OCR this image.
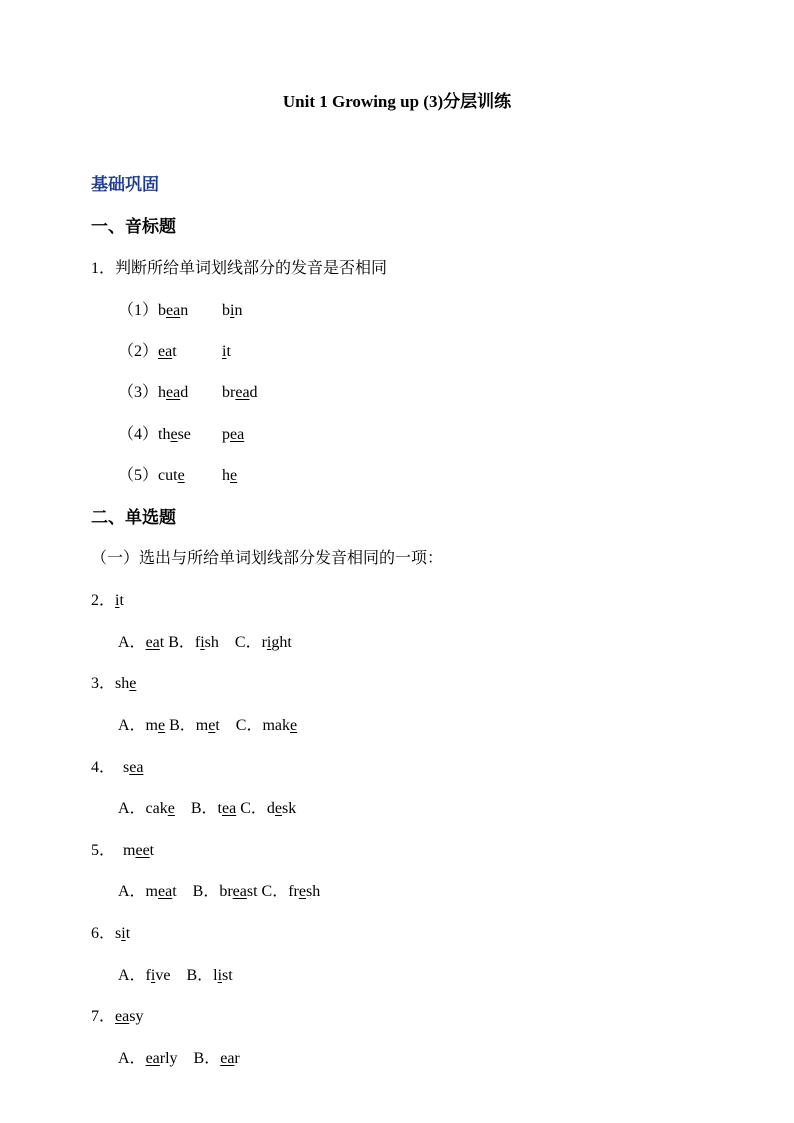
Unit 1 Growing up (3)分层训练
基础巩固
一、音标题
1．判断所给单词划线部分的发音是否相同
（1）bean bin
（2）eat	it
（3）head bread
（4）these pea
（5）cute he
二、单选题
（一）选出与所给单词划线部分发音相同的一项：
2．it
A．eat B．fish    C．right
3．she
A．me B．met    C．make
4．  sea
A．cake    B．tea C．desk
5．  meet
A．meat    B．breast C．fresh
6．sit
A．five    B．list
7．easy
A．early    B．ear
